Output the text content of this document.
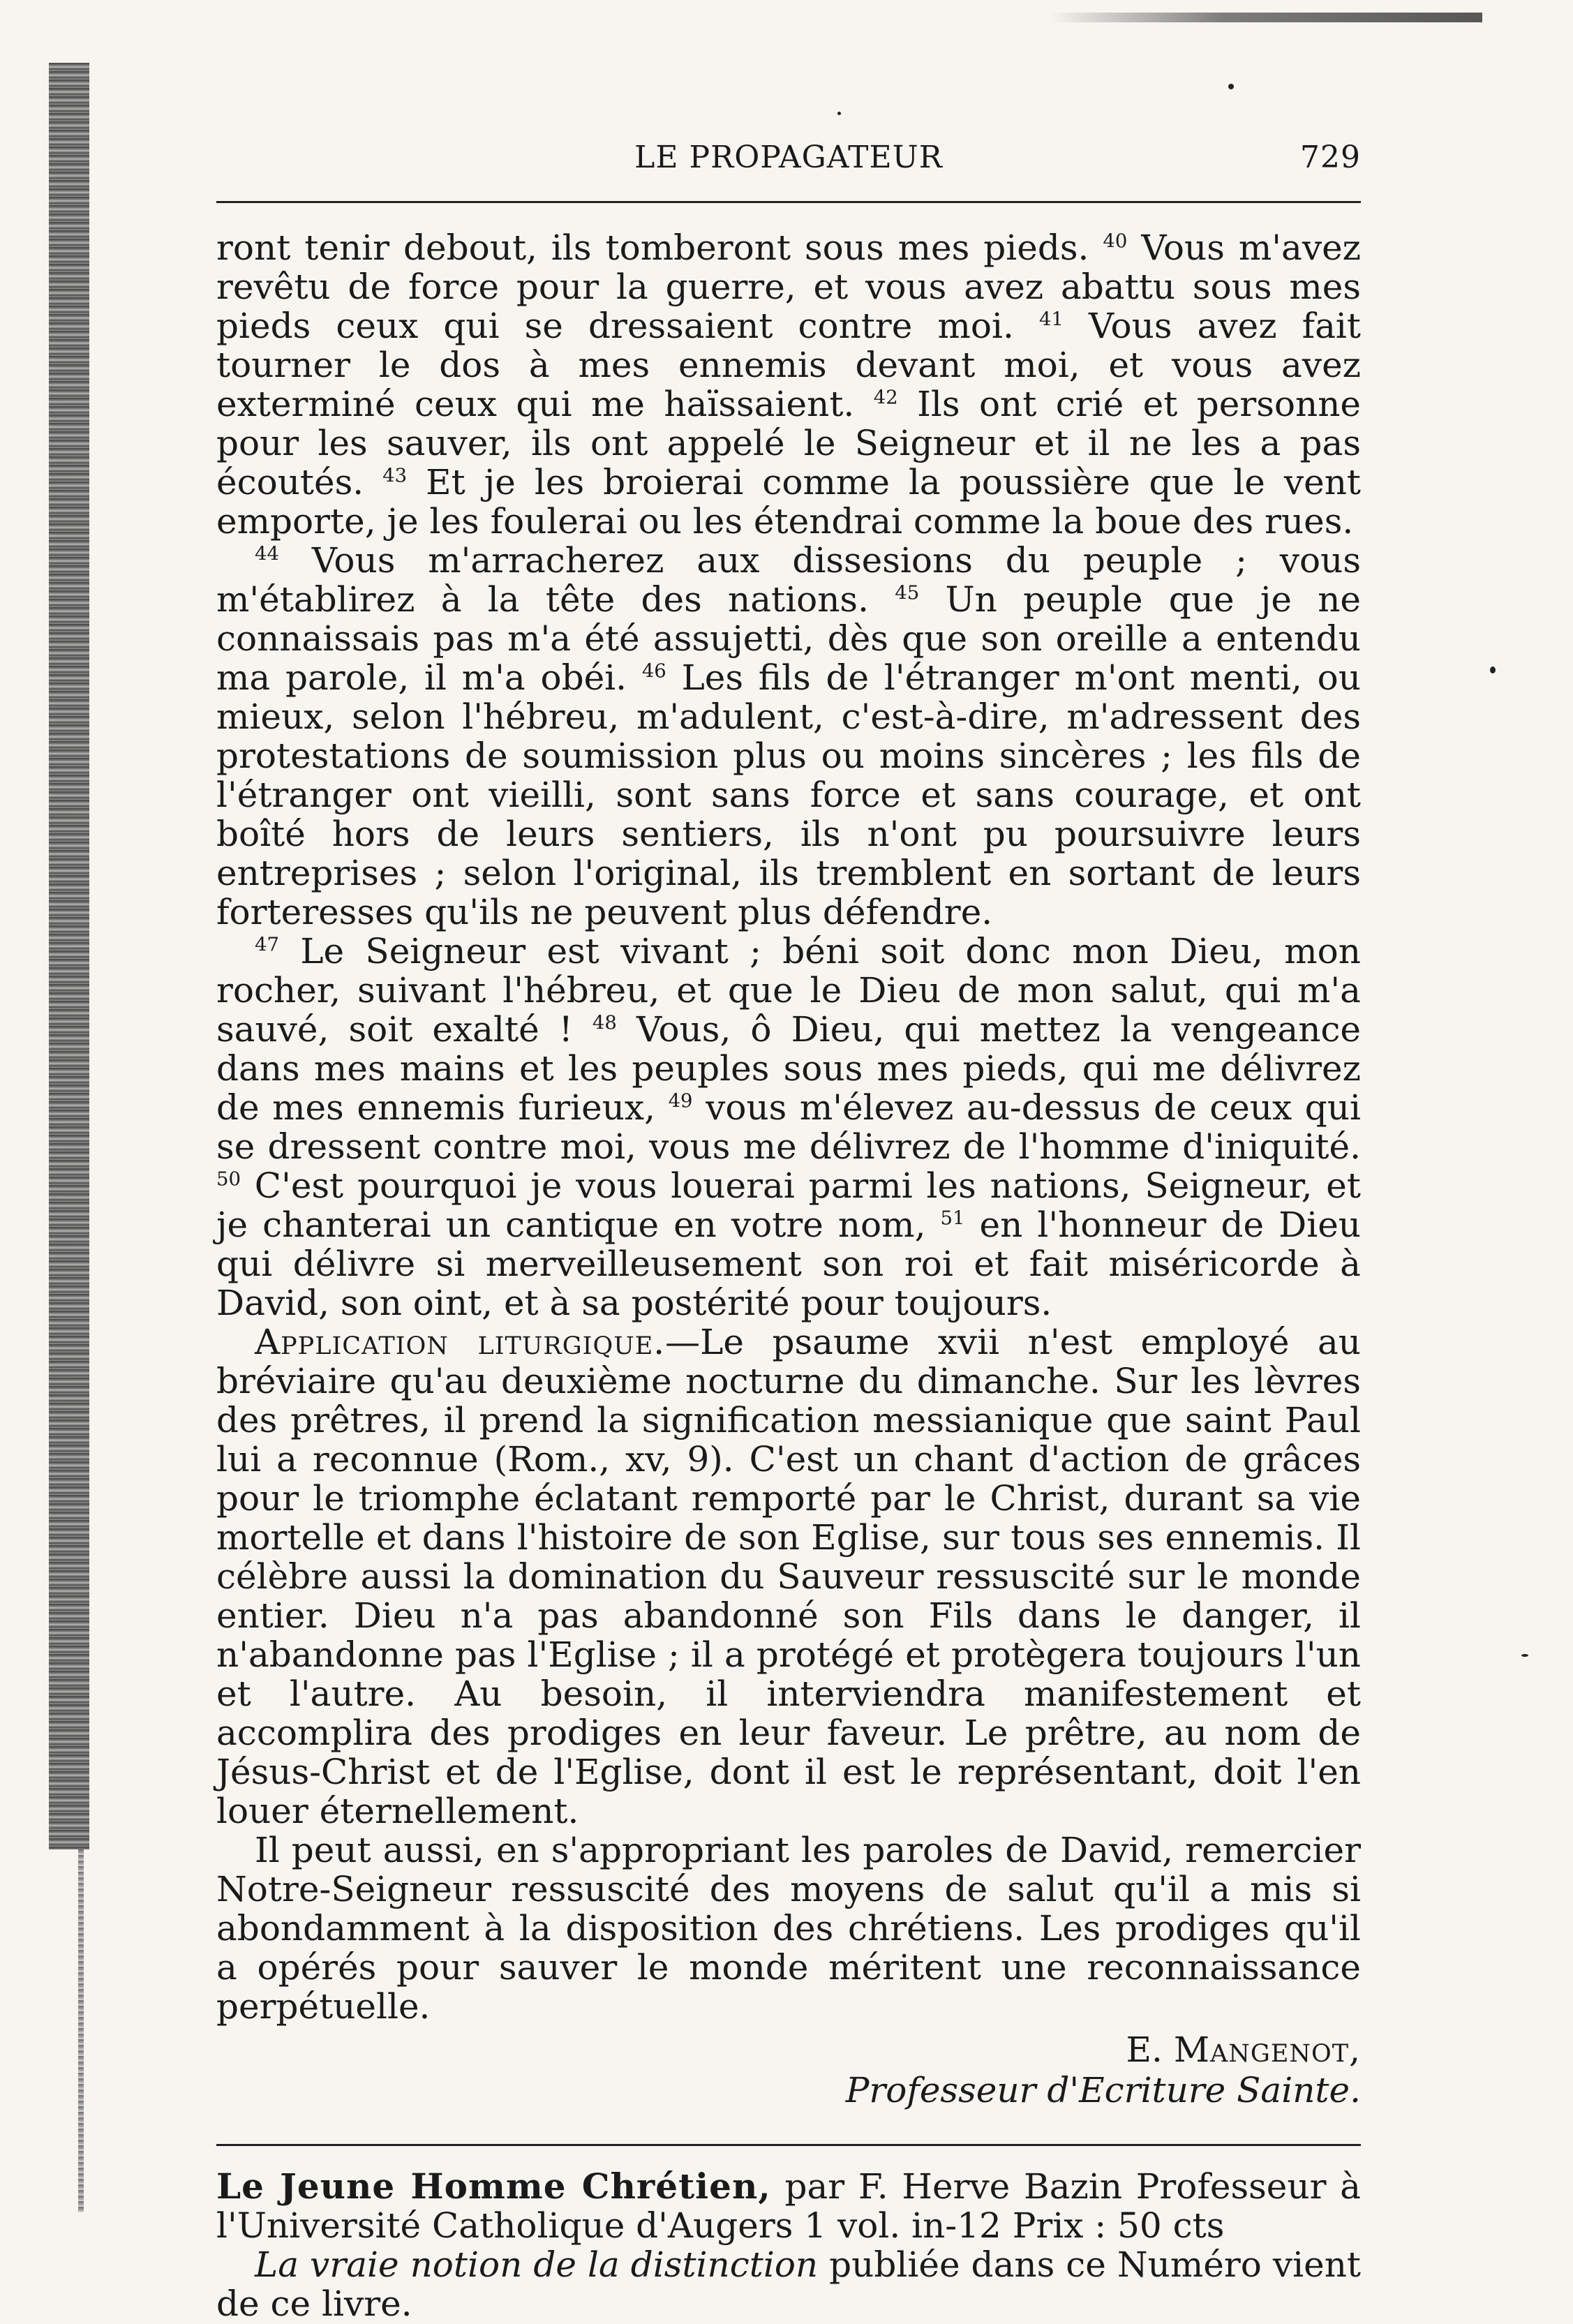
LE PROPAGATEUR	729

ront tenir debout, ils tomberont sous mes pieds. $^{40}$ Vous m'avez revêtu de force pour la guerre, et vous avez abattu sous mes pieds ceux qui se dressaient contre moi. $^{41}$ Vous avez fait tourner le dos à mes ennemis devant moi, et vous avez exterminé ceux qui me haïssaient. $^{42}$ Ils ont crié et personne pour les sauver, ils ont appelé le Seigneur et il ne les a pas écoutés. $^{43}$ Et je les broierai comme la poussière que le vent emporte, je les foulerai ou les étendrai comme la boue des rues.

$^{44}$ Vous m'arracherez aux dissesions du peuple ; vous m'établirez à la tête des nations. $^{45}$ Un peuple que je ne connaissais pas m'a été assujetti, dès que son oreille a entendu ma parole, il m'a obéi. $^{46}$ Les fils de l'étranger m'ont menti, ou mieux, selon l'hébreu, m'adulent, c'est-à-dire, m'adressent des protestations de soumission plus ou moins sincères ; les fils de l'étranger ont vieilli, sont sans force et sans courage, et ont boîté hors de leurs sentiers, ils n'ont pu poursuivre leurs entreprises ; selon l'original, ils tremblent en sortant de leurs forteresses qu'ils ne peuvent plus défendre.

$^{47}$ Le Seigneur est vivant ; béni soit donc mon Dieu, mon rocher, suivant l'hébreu, et que le Dieu de mon salut, qui m'a sauvé, soit exalté ! $^{48}$ Vous, ô Dieu, qui mettez la vengeance dans mes mains et les peuples sous mes pieds, qui me délivrez de mes ennemis furieux, $^{49}$ vous m'élevez au-dessus de ceux qui se dressent contre moi, vous me délivrez de l'homme d'iniquité. $^{50}$ C'est pourquoi je vous louerai parmi les nations, Seigneur, et je chanterai un cantique en votre nom, $^{51}$ en l'honneur de Dieu qui délivre si merveilleusement son roi et fait miséricorde à David, son oint, et à sa postérité pour toujours.

Application liturgique.—Le psaume xvii n'est employé au bréviaire qu'au deuxième nocturne du dimanche. Sur les lèvres des prêtres, il prend la signification messianique que saint Paul lui a reconnue (Rom., xv, 9). C'est un chant d'action de grâces pour le triomphe éclatant remporté par le Christ, durant sa vie mortelle et dans l'histoire de son Eglise, sur tous ses ennemis. Il célèbre aussi la domination du Sauveur ressuscité sur le monde entier. Dieu n'a pas abandonné son Fils dans le danger, il n'abandonne pas l'Eglise ; il a protégé et protègera toujours l'un et l'autre. Au besoin, il interviendra manifestement et accomplira des prodiges en leur faveur. Le prêtre, au nom de Jésus-Christ et de l'Eglise, dont il est le représentant, doit l'en louer éternellement.

Il peut aussi, en s'appropriant les paroles de David, remercier Notre-Seigneur ressuscité des moyens de salut qu'il a mis si abondamment à la disposition des chrétiens. Les prodiges qu'il a opérés pour sauver le monde méritent une reconnaissance perpétuelle.

E. Mangenot,
Professeur d'Ecriture Sainte.

Le Jeune Homme Chrétien, par F. Herve Bazin Professeur à l'Université Catholique d'Augers 1 vol. in-12 Prix : 50 cts

La vraie notion de la distinction publiée dans ce Numéro vient de ce livre.
